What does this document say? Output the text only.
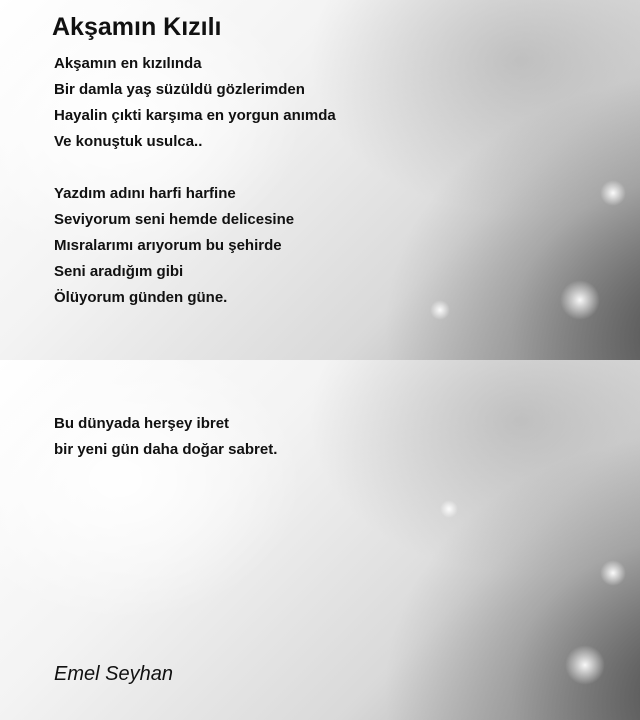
Akşamın Kızılı

Akşamın en kızılında

Bir damla yaş süzüldü gözlerimden

Hayalin çıkti karşıma en yorgun anımda

Ve konuştuk usulca..

Yazdım adını harfi harfine

Seviyorum seni hemde delicesine

Mısralarımı arıyorum bu şehirde

Seni aradığım gibi

Ölüyorum günden güne.

Bu dünyada herşey ibret

bir yeni gün daha doğar sabret.

Emel Seyhan
